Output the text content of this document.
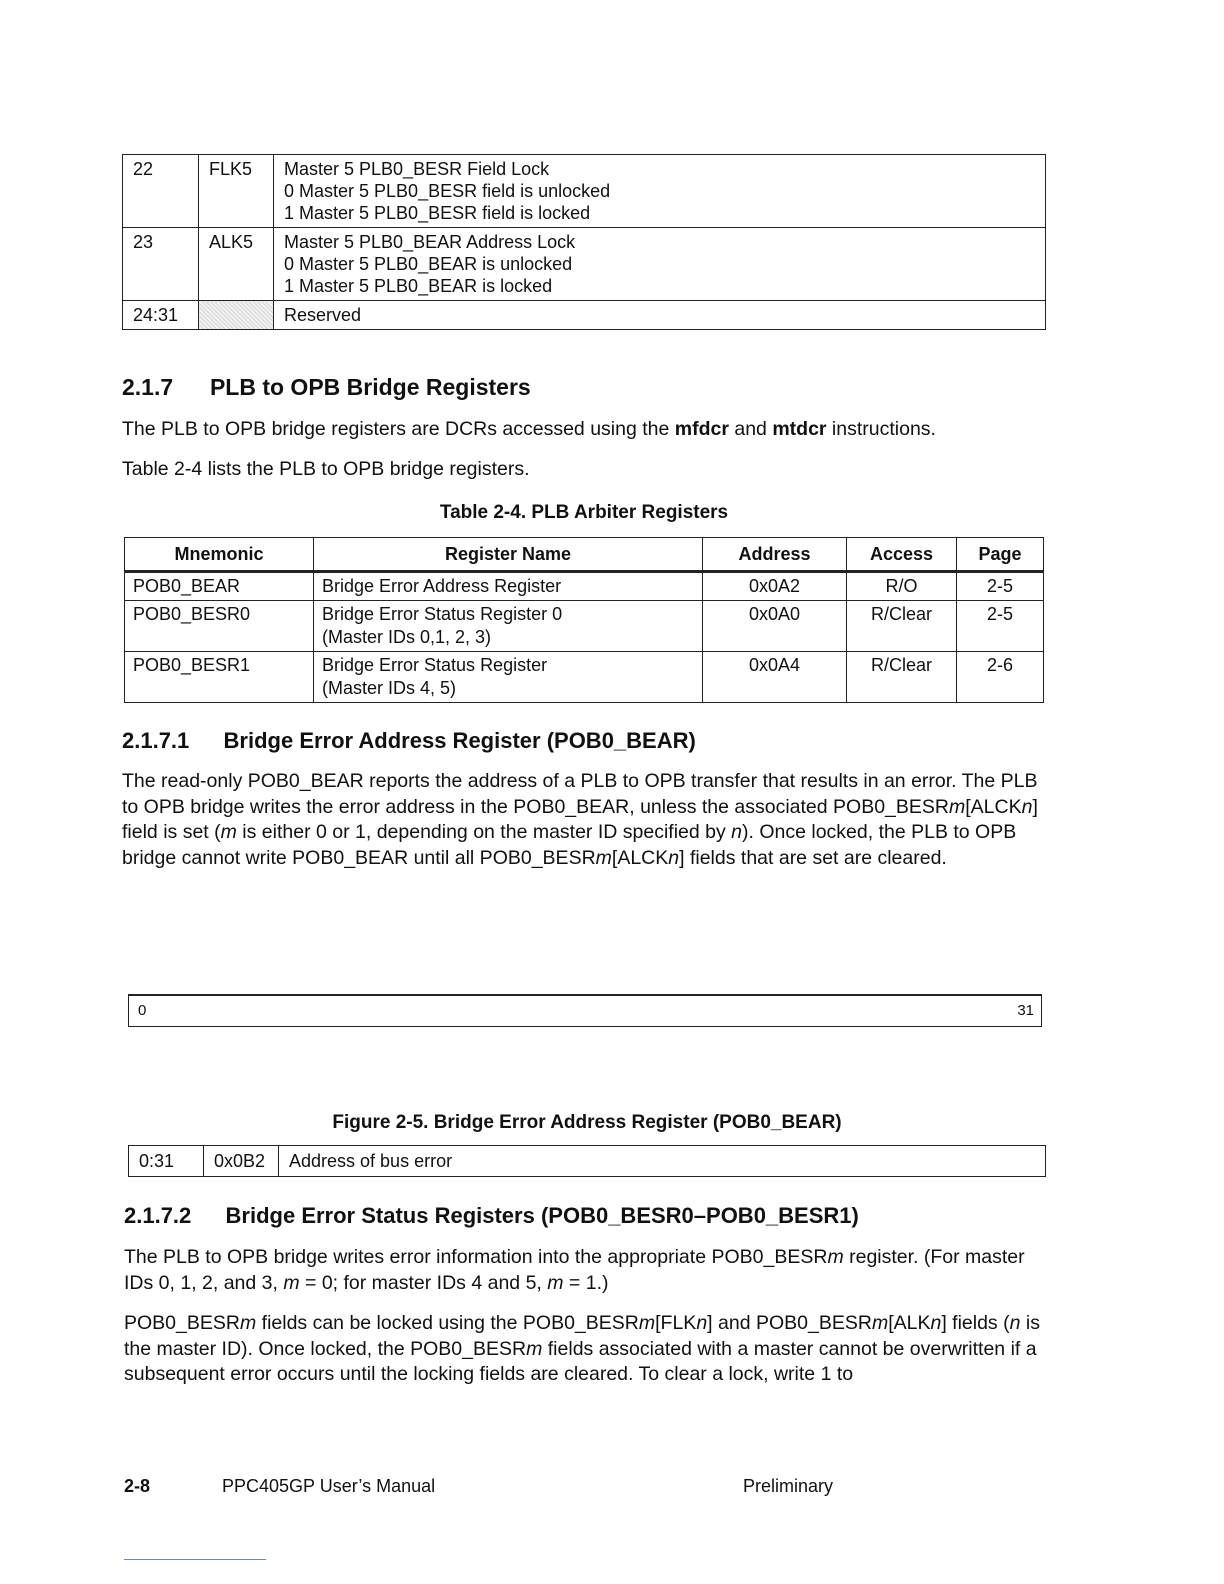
22	FLK5	Master 5 PLB0_BESR Field Lock
0 Master 5 PLB0_BESR field is unlocked
1 Master 5 PLB0_BESR field is locked

23	ALK5	Master 5 PLB0_BEAR Address Lock
0 Master 5 PLB0_BEAR is unlocked
1 Master 5 PLB0_BEAR is locked

24:31		Reserved
2.1.7 PLB to OPB Bridge Registers

The PLB to OPB bridge registers are DCRs accessed using the mfdcr and mtdcr instructions.

Table 2-4 lists the PLB to OPB bridge registers.

Table 2-4. PLB Arbiter Registers
Mnemonic	Register Name	Address	Access	Page
POB0_BEAR	Bridge Error Address Register	0x0A2	R/O	2-5
POB0_BESR0	Bridge Error Status Register 0
(Master IDs 0,1, 2, 3)	0x0A0	R/Clear	2-5
POB0_BESR1	Bridge Error Status Register
(Master IDs 4, 5)	0x0A4	R/Clear	2-6
2.1.7.1 Bridge Error Address Register (POB0_BEAR)

The read-only POB0_BEAR reports the address of a PLB to OPB transfer that results in an error. The PLB to OPB bridge writes the error address in the POB0_BEAR, unless the associated POB0_BESRm[ALCKn] field is set (m is either 0 or 1, depending on the master ID specified by n). Once locked, the PLB to OPB bridge cannot write POB0_BEAR until all POB0_BESRm[ALCKn] fields that are set are cleared.

0	31
Figure 2-5. Bridge Error Address Register (POB0_BEAR)
0:31	0x0B2	Address of bus error
2.1.7.2 Bridge Error Status Registers (POB0_BESR0–POB0_BESR1)

The PLB to OPB bridge writes error information into the appropriate POB0_BESRm register. (For master IDs 0, 1, 2, and 3, m = 0; for master IDs 4 and 5, m = 1.)

POB0_BESRm fields can be locked using the POB0_BESRm[FLKn] and POB0_BESRm[ALKn] fields (n is the master ID). Once locked, the POB0_BESRm fields associated with a master cannot be overwritten if a subsequent error occurs until the locking fields are cleared. To clear a lock, write 1 to

2-8	PPC405GP User’s Manual	Preliminary
